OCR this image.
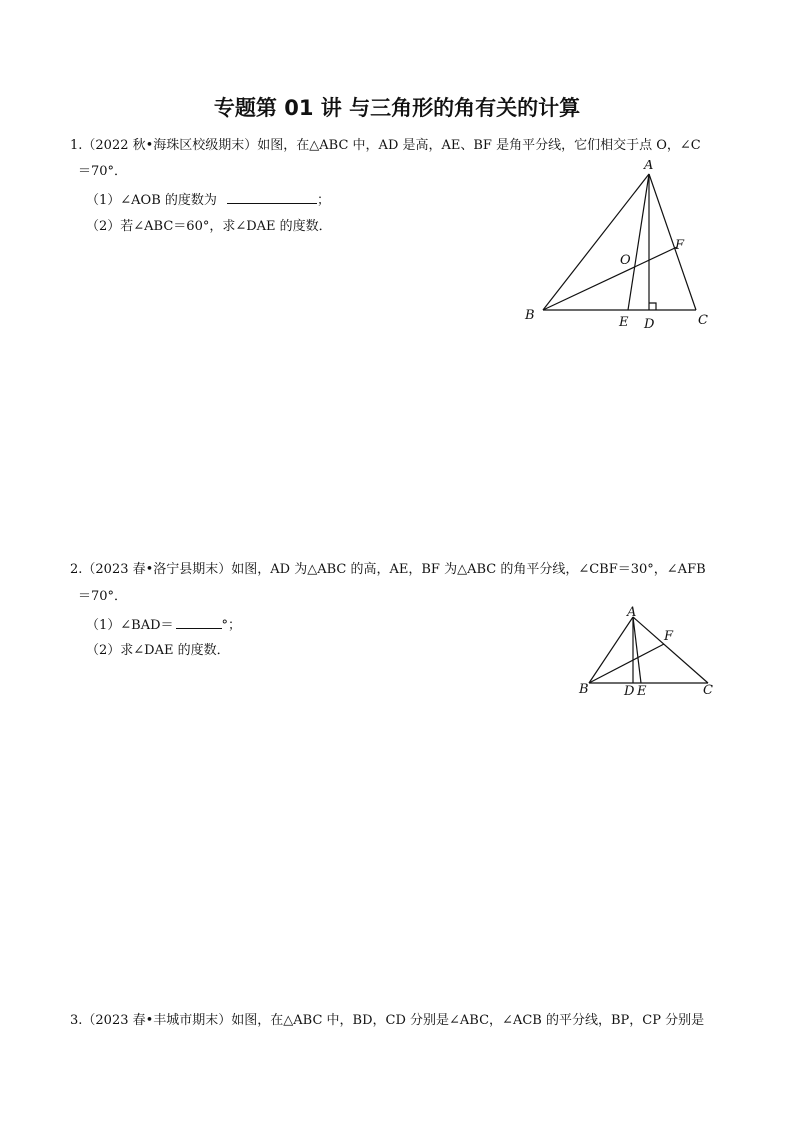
专题第 01 讲 与三角形的角有关的计算
1.（2022 秋•海珠区校级期末）如图，在△ABC 中，AD 是高，AE、BF 是角平分线，它们相交于点 O，∠C
＝70°．
（1）∠AOB 的度数为	；
（2）若∠ABC＝60°，求∠DAE 的度数．
A
B	C
D
E
F
O
2.（2023 春•洛宁县期末）如图，AD 为△ABC 的高，AE，BF 为△ABC 的角平分线，∠CBF＝30°，∠AFB
＝70°．
（1）∠BAD＝	°；
（2）求∠DAE 的度数．
A
B	C
D E
F
3.（2023 春•丰城市期末）如图，在△ABC 中，BD，CD 分别是∠ABC，∠ACB 的平分线，BP，CP 分别是
